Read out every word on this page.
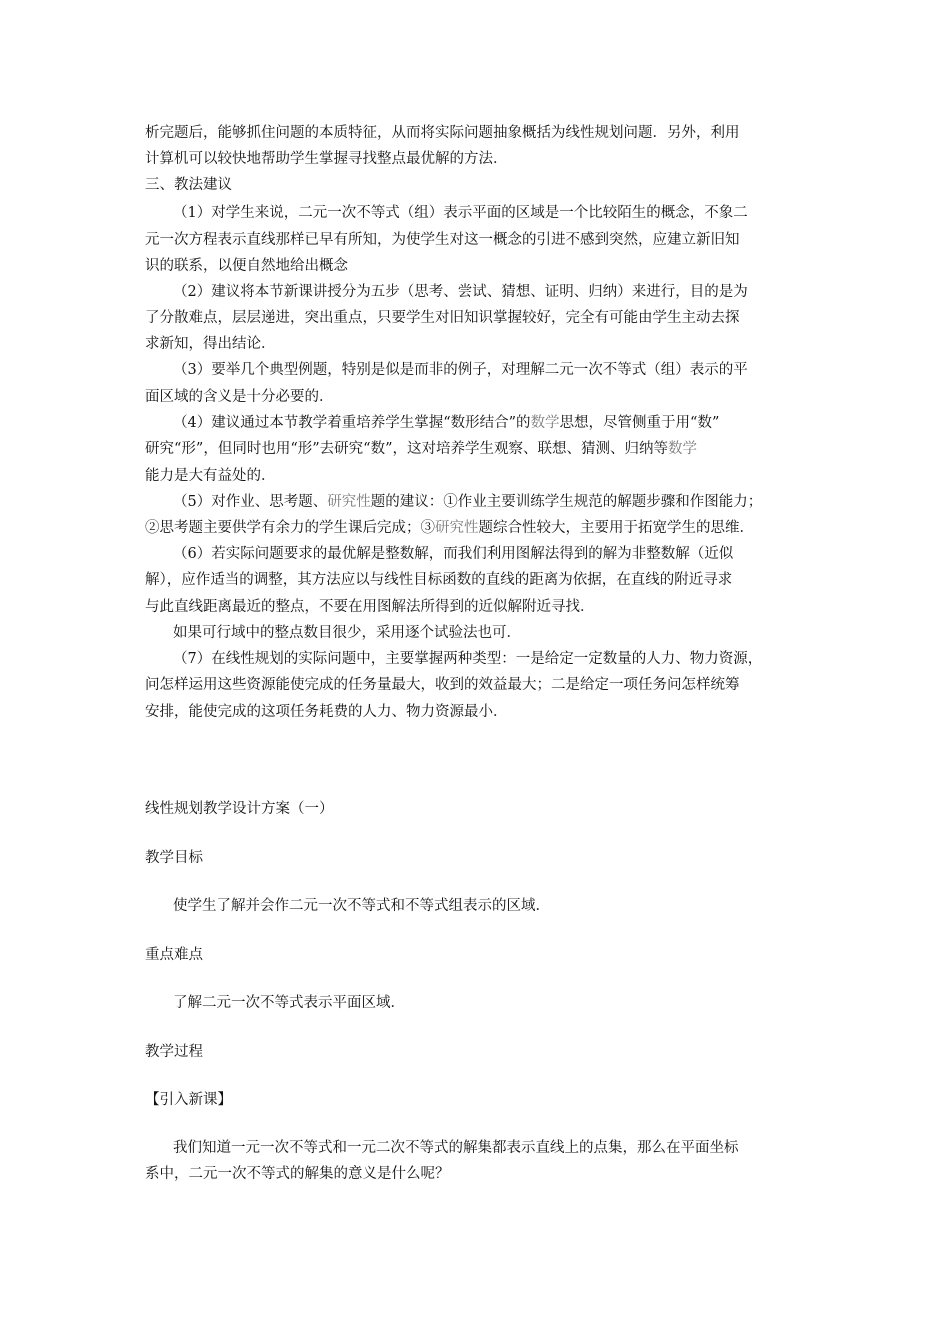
析完题后，能够抓住问题的本质特征，从而将实际问题抽象概括为线性规划问题．另外，利用
计算机可以较快地帮助学生掌握寻找整点最优解的方法．
三、教法建议
（1）对学生来说，二元一次不等式（组）表示平面的区域是一个比较陌生的概念，不象二
元一次方程表示直线那样已早有所知，为使学生对这一概念的引进不感到突然，应建立新旧知
识的联系，以便自然地给出概念
（2）建议将本节新课讲授分为五步（思考、尝试、猜想、证明、归纳）来进行，目的是为
了分散难点，层层递进，突出重点，只要学生对旧知识掌握较好，完全有可能由学生主动去探
求新知，得出结论．
（3）要举几个典型例题，特别是似是而非的例子，对理解二元一次不等式（组）表示的平
面区域的含义是十分必要的．
（4）建议通过本节教学着重培养学生掌握“数形结合”的数学思想，尽管侧重于用“数”
研究“形”，但同时也用“形”去研究“数”，这对培养学生观察、联想、猜测、归纳等数学
能力是大有益处的．
（5）对作业、思考题、研究性题的建议：①作业主要训练学生规范的解题步骤和作图能力；
②思考题主要供学有余力的学生课后完成；③研究性题综合性较大，主要用于拓宽学生的思维．
（6）若实际问题要求的最优解是整数解，而我们利用图解法得到的解为非整数解（近似
解），应作适当的调整，其方法应以与线性目标函数的直线的距离为依据，在直线的附近寻求
与此直线距离最近的整点，不要在用图解法所得到的近似解附近寻找．
如果可行域中的整点数目很少，采用逐个试验法也可．
（7）在线性规划的实际问题中，主要掌握两种类型：一是给定一定数量的人力、物力资源，
问怎样运用这些资源能使完成的任务量最大，收到的效益最大；二是给定一项任务问怎样统筹
安排，能使完成的这项任务耗费的人力、物力资源最小．
线性规划教学设计方案（一）
教学目标
使学生了解并会作二元一次不等式和不等式组表示的区域．
重点难点
了解二元一次不等式表示平面区域．
教学过程
【引入新课】
我们知道一元一次不等式和一元二次不等式的解集都表示直线上的点集，那么在平面坐标
系中，二元一次不等式的解集的意义是什么呢？
